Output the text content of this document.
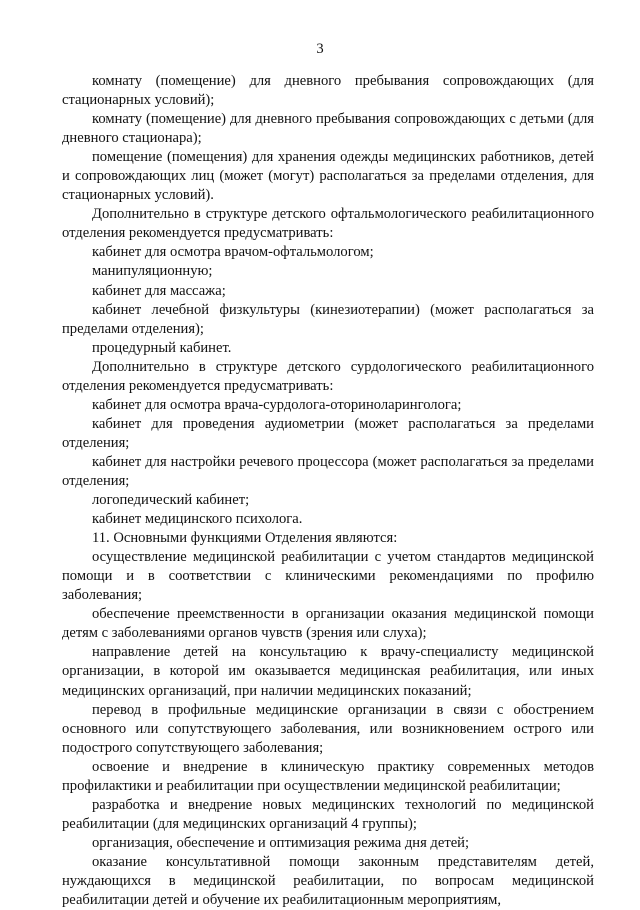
3

комнату (помещение) для дневного пребывания сопровождающих (для стационарных условий);

комнату (помещение) для дневного пребывания сопровождающих с детьми (для дневного стационара);

помещение (помещения) для хранения одежды медицинских работников, детей и сопровождающих лиц (может (могут) располагаться за пределами отделения, для стационарных условий).

Дополнительно в структуре детского офтальмологического реабилитационного отделения рекомендуется предусматривать:

кабинет для осмотра врачом-офтальмологом;

манипуляционную;

кабинет для массажа;

кабинет лечебной физкультуры (кинезиотерапии) (может располагаться за пределами отделения);

процедурный кабинет.

Дополнительно в структуре детского сурдологического реабилитационного отделения рекомендуется предусматривать:

кабинет для осмотра врача-сурдолога-оториноларинголога;

кабинет для проведения аудиометрии (может располагаться за пределами отделения;

кабинет для настройки речевого процессора (может располагаться за пределами отделения;

логопедический кабинет;

кабинет медицинского психолога.

11. Основными функциями Отделения являются:

осуществление медицинской реабилитации с учетом стандартов медицинской помощи и в соответствии с клиническими рекомендациями по профилю заболевания;

обеспечение преемственности в организации оказания медицинской помощи детям с заболеваниями органов чувств (зрения или слуха);

направление детей на консультацию к врачу-специалисту медицинской организации, в которой им оказывается медицинская реабилитация, или иных медицинских организаций, при наличии медицинских показаний;

перевод в профильные медицинские организации в связи с обострением основного или сопутствующего заболевания, или возникновением острого или подострого сопутствующего заболевания;

освоение и внедрение в клиническую практику современных методов профилактики и реабилитации при осуществлении медицинской реабилитации;

разработка и внедрение новых медицинских технологий по медицинской реабилитации (для медицинских организаций 4 группы);

организация, обеспечение и оптимизация режима дня детей;

оказание консультативной помощи законным представителям детей, нуждающихся в медицинской реабилитации, по вопросам медицинской реабилитации детей и обучение их реабилитационным мероприятиям,
